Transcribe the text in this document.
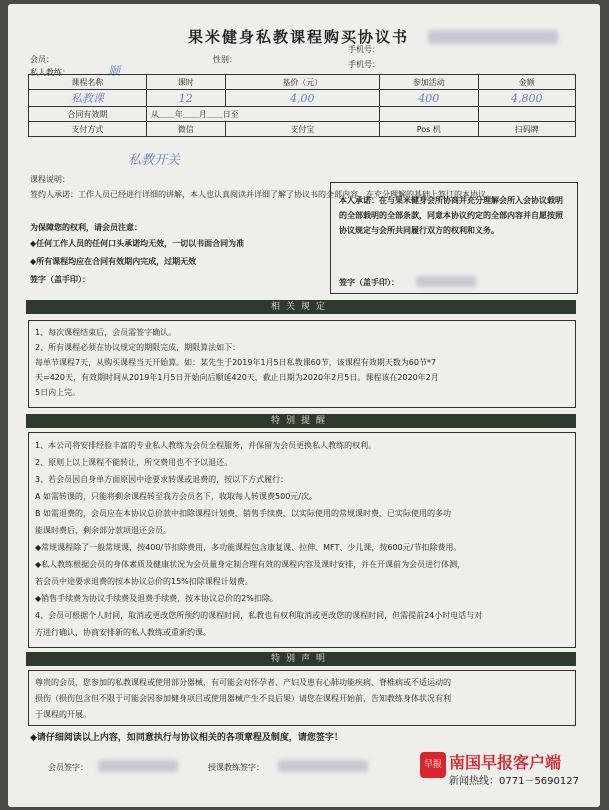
果米健身私教课程购买协议书
会员：	性别：
手机号：
手机号：
私人教练：	顺
课程名称	课时	基价（元）	参加活动	金额
私教课	12	4,00	400	4,800
合同有效期	从＿＿年＿＿月＿＿日至			
支付方式	微信	支付宝	Pos 机	扫码牌
私教开关
课程说明：
签约人承诺：工作人员已经进行详细的讲解，本人也认真阅读并详细了解了协议书的全部内容，在充分理解的基础上签订的本协议。
为保障您的权利，请会员注意：
◆任何工作人员的任何口头承诺均无效，一切以书面合同为准
◆所有课程均应在合同有效期内完成，过期无效
签字（盖手印）：
本人承诺：在与果米健身会所协商并充分理解会所入会协议载明的全部载明的全部条款，同意本协议约定的全部内容并自愿按照协议规定与会所共同履行双方的权利和义务。
签字（盖手印）：
相关规定
1、每次课程结束后，会员需签字确认。
2、所有课程必须在协议规定的期限完成，期限算法如下：
每单节课程7天，从购买课程当天开始算。如：某先生于2019年1月5日私教课60节，该课程有效期天数为60节*7
天=420天，有效期时间从2019年1月5日开始向后顺延420天，截止日期为2020年2月5日。课程该在2020年2月
5日内上完。
特别提醒
1、本公司将安排经验丰富的专业私人教练为会员全程服务，并保留为会员更换私人教练的权利。
2、原则上以上课程不能转让，所交费用也不予以退还。
3、若会员因自身单方面原因中途要求转课或退费的，按以下方式履行：
A 如需转课的，只能将剩余课程转至我方会员名下，收取每人转课费500元/次。
B 如需退费的，会员应在本协议总价款中扣除课程计划费、销售手续费、以实际使用的常规课时费、已实际使用的多功
能课时费后，剩余部分款项退还会员。
◆常规课程除了一般常规课，按400/节扣除费用，多功能课程包含康复课、拉伸、MFT、少儿课，按600元/节扣除费用。
◆私人教练根据会员的身体素质及健康状况为会员量身定制合理有效的课程内容及课时安排，并在开课前为会员进行体测，
若会员中途要求退费的按本协议总价的15%扣除课程计划费。
◆销售手续费为协议手续费及退费手续费，按本协议总价的2%扣除。
4、会员可根据个人时间，取消或更改您所预约的课程时间，私教也有权利取消或更改您的课程时间，但需提前24小时电话与对
方进行确认，协商安排新的私人教练或重新约课。
特别声明
尊贵的会员，您参加的私教课程或使用部分器械，有可能会对怀孕者、产妇及患有心肺功能疾病、脊椎病或不适运动的
损伤（损伤包含但不限于可能会因参加健身项目或使用器械产生不良后果）请您在课程开始前，告知教练身体状况有利
于课程的开展。
◆请仔细阅读以上内容，如同意执行与协议相关的各项章程及制度，请您签字！
会员签字：	授课教练签字：	早报 南国早报客户端
新闻热线：0771－5690127
